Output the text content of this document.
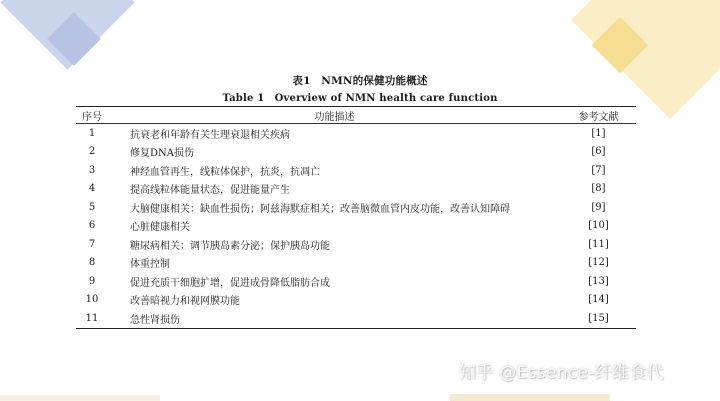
表1　NMN的保健功能概述
Table 1　Overview of NMN health care function
序号	功能描述	参考文献
1	抗衰老和年龄有关生理衰退相关疾病	[1]
2	修复DNA损伤	[6]
3	神经血管再生，线粒体保护，抗炎，抗凋亡	[7]
4	提高线粒体能量状态，促进能量产生	[8]
5	大脑健康相关：缺血性损伤；阿兹海默症相关；改善脑微血管内皮功能，改善认知障碍	[9]
6	心脏健康相关	[10]
7	糖尿病相关：调节胰岛素分泌；保护胰岛功能	[11]
8	体重控制	[12]
9	促进充质干细胞扩增，促进成骨降低脂肪合成	[13]
10	改善暗视力和视网膜功能	[14]
11	急性肾损伤	[15]
知乎 @Essence-纤维食代
